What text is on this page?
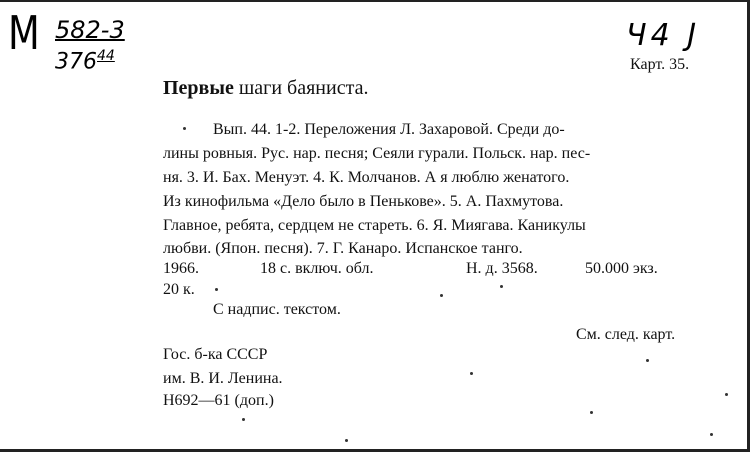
М 582-3
$376^{44}$
Ч4 J
Карт. 35.
Первые шаги баяниста.
Вып. 44. 1-2. Переложения Л. Захаровой. Среди до-
лины ровныя. Рус. нар. песня; Сеяли гурали. Польск. нар. пес-
ня. 3. И. Бах. Менуэт. 4. К. Молчанов. А я люблю женатого.
Из кинофильма «Дело было в Пенькове». 5. А. Пахмутова.
Главное, ребята, сердцем не стареть. 6. Я. Миягава. Каникулы
любви. (Япон. песня). 7. Г. Канаро. Испанское танго.
1966.	18 с. включ. обл.	Н. д. 3568.	50.000 экз.
20 к.
С надпис. текстом.
См. след. карт.
Гос. б-ка СССР
им. В. И. Ленина.
Н692—61 (доп.)
